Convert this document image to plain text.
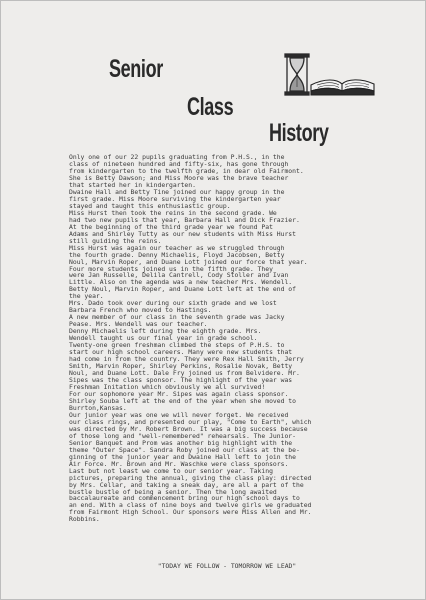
Senior
Class
History
Only one of our 22 pupils graduating from P.H.S., in the
class of nineteen hundred and fifty-six, has gone through
from kindergarten to the twelfth grade, in dear old Fairmont.
She is Betty Dawson; and Miss Moore was the brave teacher
that started her in kindergarten.
Dwaine Hall and Betty Tine joined our happy group in the
first grade. Miss Moore surviving the kindergarten year
stayed and taught this enthusiastic group.
Miss Hurst then took the reins in the second grade. We
had two new pupils that year, Barbara Hall and Dick Frazier.
At the beginning of the third grade year we found Pat
Adams and Shirley Tutty as our new students with Miss Hurst
still guiding the reins.
Miss Hurst was again our teacher as we struggled through
the fourth grade. Denny Michaelis, Floyd Jacobsen, Betty
Noul, Marvin Roper, and Duane Lott joined our force that year.
Four more students joined us in the fifth grade. They
were Jan Russelle, Delila Cantrell, Cody Stoller and Ivan
Little. Also on the agenda was a new teacher Mrs. Wendell.
Betty Noul, Marvin Roper, and Duane Lott left at the end of
the year.
Mrs. Dado took over during our sixth grade and we lost
Barbara French who moved to Hastings.
A new member of our class in the seventh grade was Jacky
Pease. Mrs. Wendell was our teacher.
Denny Michaelis left during the eighth grade. Mrs.
Wendell taught us our final year in grade school.
Twenty-one green freshman climbed the steps of P.H.S. to
start our high school careers. Many were new students that
had come in from the country. They were Rex Hall Smith, Jerry
Smith, Marvin Roper, Shirley Perkins, Rosalie Novak, Betty
Noul, and Duane Lott. Dale Fry joined us from Belvidere. Mr.
Sipes was the class sponsor. The highlight of the year was
Freshman Initation which obviously we all survived!
For our sophomore year Mr. Sipes was again class sponsor.
Shirley Souba left at the end of the year when she moved to
Burrton,Kansas.
Our junior year was one we will never forget. We received
our class rings, and presented our play, "Come to Earth", which
was directed by Mr. Robert Brown. It was a big success because
of those long and "well-remembered" rehearsals. The Junior-
Senior Banquet and Prom was another big highlight with the
theme "Outer Space". Sandra Roby joined our class at the be-
ginning of the junior year and Dwaine Hall left to join the
Air Force. Mr. Brown and Mr. Waschke were class sponsors.
Last but not least we come to our senior year. Taking
pictures, preparing the annual, giving the class play: directed
by Mrs. Cellar, and taking a sneak day, are all a part of the
bustle bustle of being a senior. Then the long awaited
baccalaureate and commencement bring our high school days to
an end. With a class of nine boys and twelve girls we graduated
from Fairmont High School. Our sponsors were Miss Allen and Mr.
Robbins.
"TODAY WE FOLLOW - TOMORROW WE LEAD"
